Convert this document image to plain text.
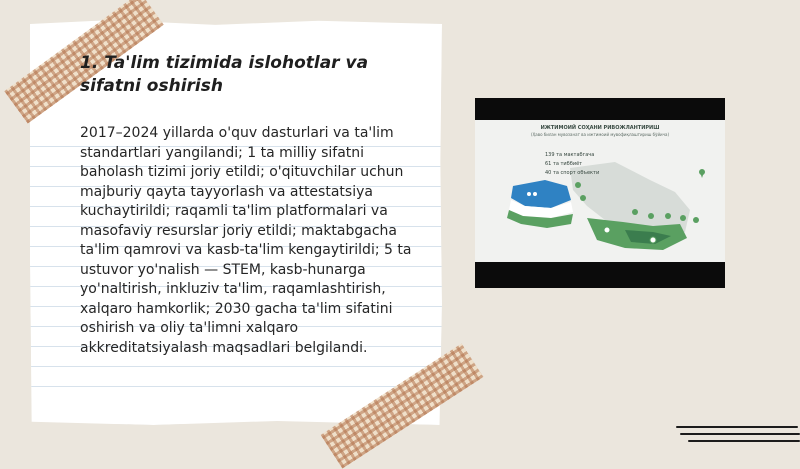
1. Ta'lim tizimida islohotlar va sifatni oshirish

2017–2024 yillarda o'quv dasturlari va ta'lim standartlari yangilandi; 1 ta milliy sifatni baholash tizimi joriy etildi; o'qituvchilar uchun majburiy qayta tayyorlash va attestatsiya kuchaytirildi; raqamli ta'lim platformalari va masofaviy resurslar joriy etildi; maktabgacha ta'lim qamrovi va kasb-ta'lim kengaytirildi; 5 ta ustuvor yo'nalish — STEM, kasb-hunarga yo'naltirish, inkluziv ta'lim, raqamlashtirish, xalqaro hamkorlik; 2030 gacha ta'lim sifatini oshirish va oliy ta'limni xalqaro akkreditatsiyalash maqsadlari belgilandi.

ИЖТИМОИЙ СОҲАНИ РИВОЖЛАНТИРИШ
(Ҳаво билан мувозанат ва ижтимоий мувофиқлаштириш бўйича)
139 та мактабгача
61 та тиббиёт
40 та спорт объекти
